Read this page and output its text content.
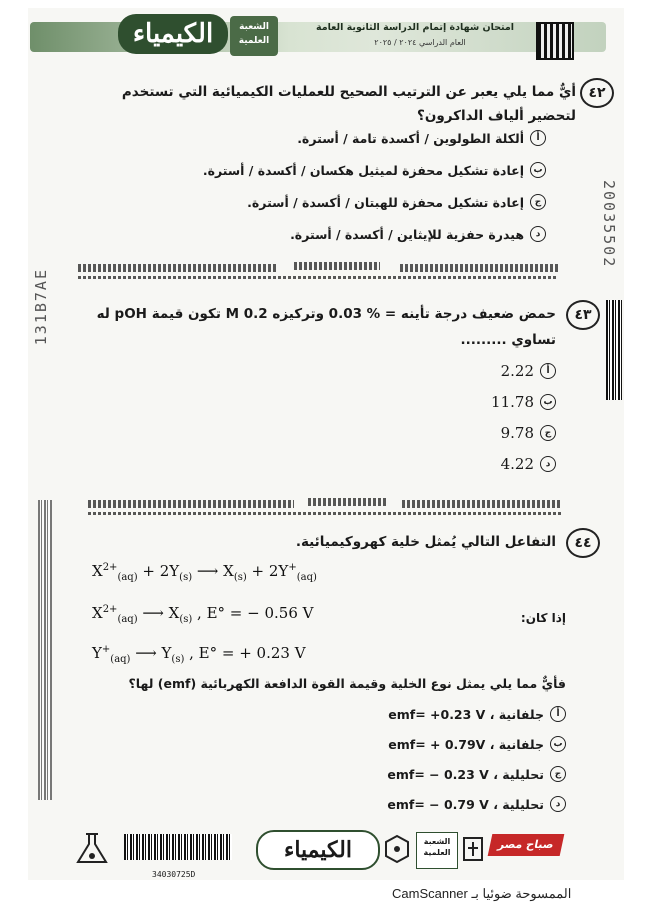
الكيمياء	الشعبة العلمية
امتحان شهادة إتمام الدراسة الثانوية العامة
العام الدراسي ٢٠٢٤ / ٢٠٢٥
20035502
131B7AE
٤٢
أيٌّ مما يلي يعبر عن الترتيب الصحيح للعمليات الكيميائية التي تستخدم لتحضير ألياف الداكرون؟
أ
ألكلة الطولوين / أكسدة تامة / أسترة.
ب
إعادة تشكيل محفزة لميثيل هكسان / أكسدة / أسترة.
ج
إعادة تشكيل محفزة للهبتان / أكسدة / أسترة.
د
هيدرة حفزية للإيثاين / أكسدة / أسترة.
٤٣
حمض ضعيف درجة تأينه = % 0.03 وتركيزه 0.2 M تكون قيمة pOH له
تساوي .........
أ
2.22
ب
11.78
ج
9.78
د
4.22
٤٤
التفاعل التالي يُمثل خلية كهروكيميائية.
$X^{2+}_{(aq)} + 2Y_{(s)}$ ⟶ $X_{(s)} + 2Y^+_{(aq)}$
$X^{2+}_{(aq)}$ ⟶ $X_{(s)}$ , E° = − 0.56 V
$Y^+_{(aq)}$ ⟶ $Y_{(s)}$ , E° = + 0.23 V
إذا كان:
فأيٌّ مما يلي يمثل نوع الخلية وقيمة القوة الدافعة الكهربائية (emf) لها؟
أ
جلفانية ، emf= +0.23 V
ب
جلفانية ، emf= + 0.79V
ج
تحليلية ، emf= − 0.23 V
د
تحليلية ، emf= − 0.79 V
الكيمياء	الشعبة العلمية
صباح مصر
34030725D
الممسوحة ضوئيا بـ CamScanner
